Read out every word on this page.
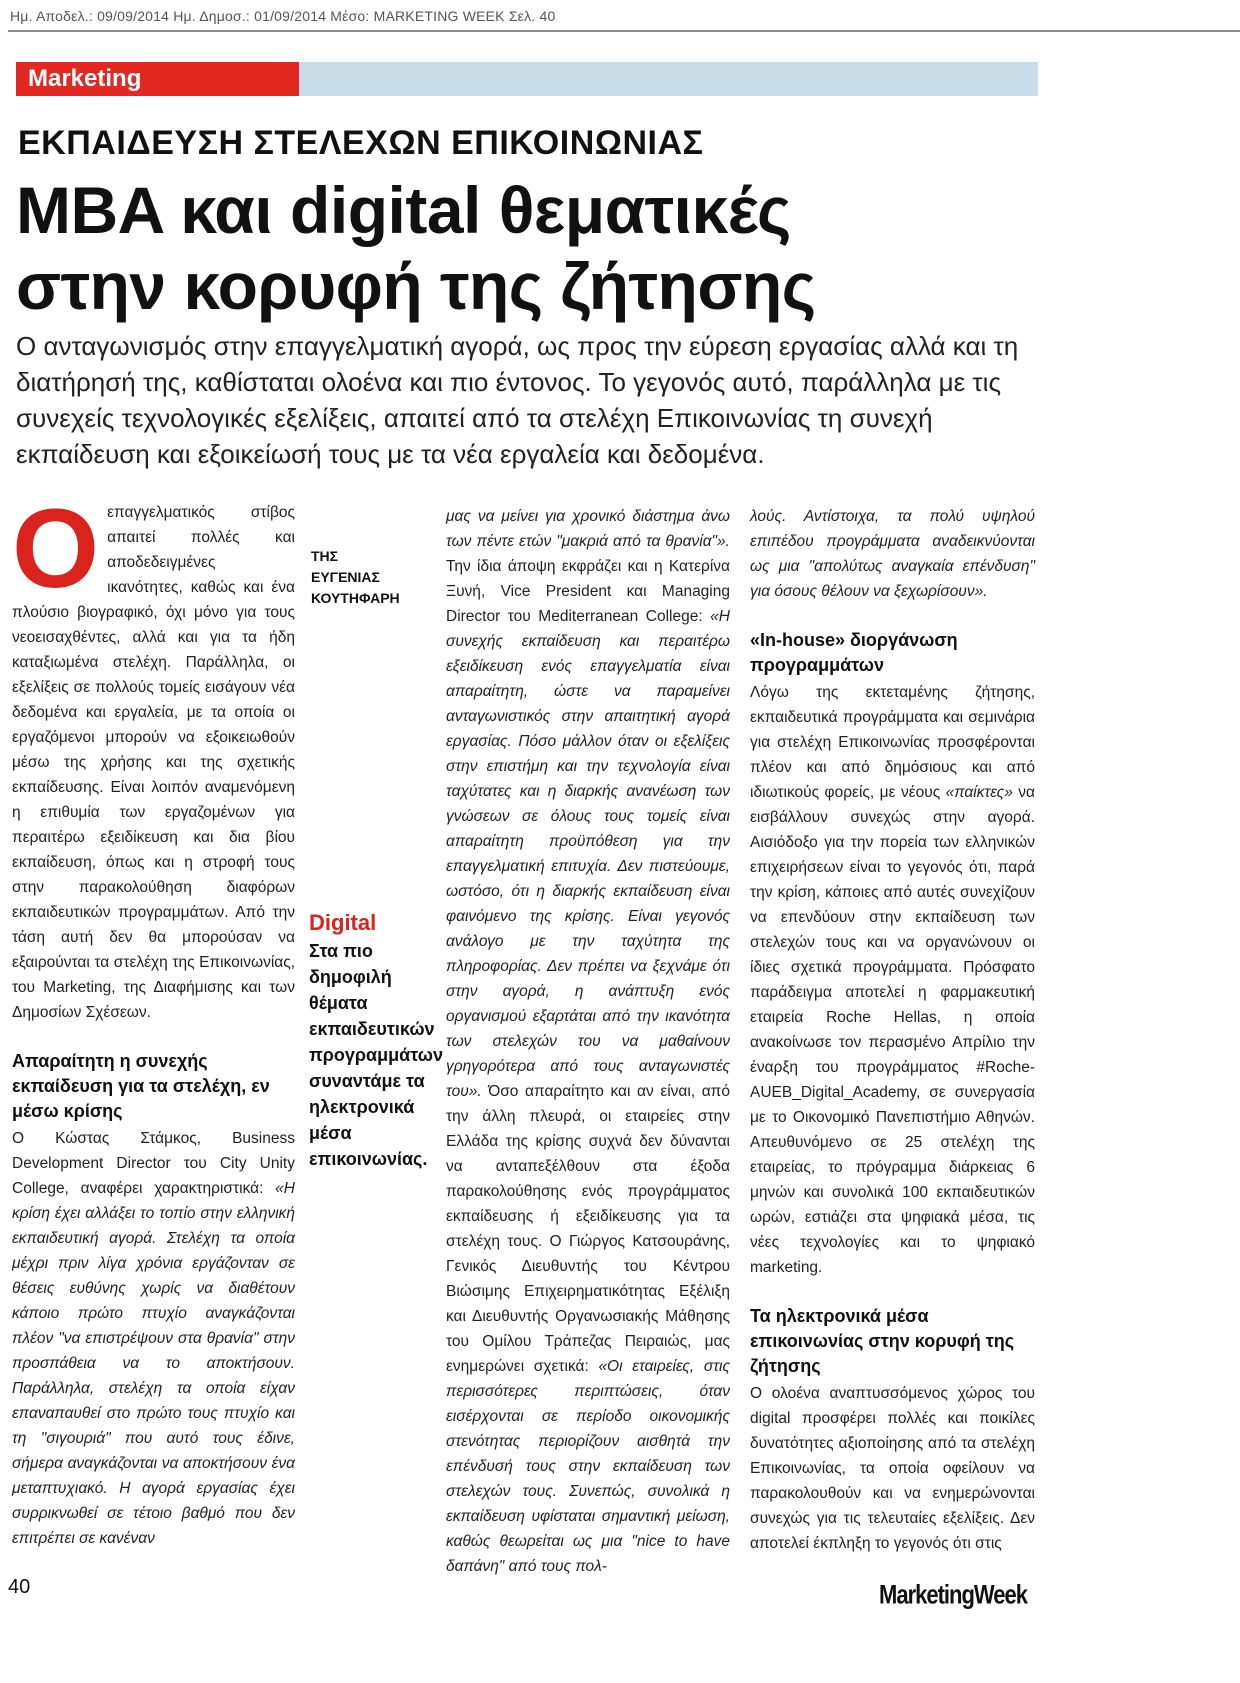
Ημ. Αποδελ.: 09/09/2014 Ημ. Δημοσ.: 01/09/2014 Μέσο: MARKETING WEEK Σελ. 40
Marketing
ΕΚΠΑΙΔΕΥΣΗ ΣΤΕΛΕΧΩΝ ΕΠΙΚΟΙΝΩΝΙΑΣ
MBA και digital θεματικές
στην κορυφή της ζήτησης
Ο ανταγωνισμός στην επαγγελματική αγορά, ως προς την εύρεση εργασίας αλλά και τη διατήρησή της, καθίσταται ολοένα και πιο έντονος. Το γεγονός αυτό, παράλληλα με τις συνεχείς τεχνολογικές εξελίξεις, απαιτεί από τα στελέχη Επικοινωνίας τη συνεχή εκπαίδευση και εξοικείωσή τους με τα νέα εργαλεία και δεδομένα.

Οεπαγγελματικός στίβος απαιτεί πολλές και αποδεδειγμένες ικανότητες, καθώς και ένα πλούσιο βιογραφικό, όχι μόνο για τους νεοεισαχθέντες, αλλά και για τα ήδη καταξιωμένα στελέχη. Παράλληλα, οι εξελίξεις σε πολλούς τομείς εισάγουν νέα δεδομένα και εργαλεία, με τα οποία οι εργαζόμενοι μπορούν να εξοικειωθούν μέσω της χρήσης και της σχετικής εκπαίδευσης. Είναι λοιπόν αναμενόμενη η επιθυμία των εργαζομένων για περαιτέρω εξειδίκευση και δια βίου εκπαίδευση, όπως και η στροφή τους στην παρακολούθηση διαφόρων εκπαιδευτικών προγραμμάτων. Από την τάση αυτή δεν θα μπορούσαν να εξαιρούνται τα στελέχη της Επικοινωνίας, του Marketing, της Διαφήμισης και των Δημοσίων Σχέσεων.

Απαραίτητη η συνεχής εκπαίδευση για τα στελέχη, εν μέσω κρίσης

Ο Κώστας Στάμκος, Business Development Director του City Unity College, αναφέρει χαρακτηριστικά: «Η κρίση έχει αλλάξει το τοπίο στην ελληνική εκπαιδευτική αγορά. Στελέχη τα οποία μέχρι πριν λίγα χρόνια εργάζονταν σε θέσεις ευθύνης χωρίς να διαθέτουν κάποιο πρώτο πτυχίο αναγκάζονται πλέον "να επιστρέψουν στα θρανία" στην προσπάθεια να το αποκτήσουν. Παράλληλα, στελέχη τα οποία είχαν επαναπαυθεί στο πρώτο τους πτυχίο και τη "σιγουριά" που αυτό τους έδινε, σήμερα αναγκάζονται να αποκτήσουν ένα μεταπτυχιακό. Η αγορά εργασίας έχει συρρικνωθεί σε τέτοιο βαθμό που δεν επιτρέπει σε κανέναν

ΤΗΣ
ΕΥΓΕΝΙΑΣ
ΚΟΥΤΗΦΑΡΗ
Digital
Στα πιο δημοφιλή θέματα εκπαιδευτικών προγραμμάτων συναντάμε τα ηλεκτρονικά μέσα επικοινωνίας.

μας να μείνει για χρονικό διάστημα άνω των πέντε ετών "μακριά από τα θρανία"». Την ίδια άποψη εκφράζει και η Κατερίνα Ξυνή, Vice President και Managing Director του Mediterranean College: «Η συνεχής εκπαίδευση και περαιτέρω εξειδίκευση ενός επαγγελματία είναι απαραίτητη, ώστε να παραμείνει ανταγωνιστικός στην απαιτητική αγορά εργασίας. Πόσο μάλλον όταν οι εξελίξεις στην επιστήμη και την τεχνολογία είναι ταχύτατες και η διαρκής ανανέωση των γνώσεων σε όλους τους τομείς είναι απαραίτητη προϋπόθεση για την επαγγελματική επιτυχία. Δεν πιστεύουμε, ωστόσο, ότι η διαρκής εκπαίδευση είναι φαινόμενο της κρίσης. Είναι γεγονός ανάλογο με την ταχύτητα της πληροφορίας. Δεν πρέπει να ξεχνάμε ότι στην αγορά, η ανάπτυξη ενός οργανισμού εξαρτάται από την ικανότητα των στελεχών του να μαθαίνουν γρηγορότερα από τους ανταγωνιστές του». Όσο απαραίτητο και αν είναι, από την άλλη πλευρά, οι εταιρείες στην Ελλάδα της κρίσης συχνά δεν δύνανται να ανταπεξέλθουν στα έξοδα παρακολούθησης ενός προγράμματος εκπαίδευσης ή εξειδίκευσης για τα στελέχη τους. Ο Γιώργος Κατσουράνης, Γενικός Διευθυντής του Κέντρου Βιώσιμης Επιχειρηματικότητας Εξέλιξη και Διευθυντής Οργανωσιακής Μάθησης του Ομίλου Τράπεζας Πειραιώς, μας ενημερώνει σχετικά: «Οι εταιρείες, στις περισσότερες περιπτώσεις, όταν εισέρχονται σε περίοδο οικονομικής στενότητας περιορίζουν αισθητά την επένδυσή τους στην εκπαίδευση των στελεχών τους. Συνεπώς, συνολικά η εκπαίδευση υφίσταται σημαντική μείωση, καθώς θεωρείται ως μια "nice to have δαπάνη" από τους πολ-

λούς. Αντίστοιχα, τα πολύ υψηλού επιπέδου προγράμματα αναδεικνύονται ως μια "απολύτως αναγκαία επένδυση" για όσους θέλουν να ξεχωρίσουν».

«In-house» διοργάνωση προγραμμάτων

Λόγω της εκτεταμένης ζήτησης, εκπαιδευτικά προγράμματα και σεμινάρια για στελέχη Επικοινωνίας προσφέρονται πλέον και από δημόσιους και από ιδιωτικούς φορείς, με νέους «παίκτες» να εισβάλλουν συνεχώς στην αγορά. Αισιόδοξο για την πορεία των ελληνικών επιχειρήσεων είναι το γεγονός ότι, παρά την κρίση, κάποιες από αυτές συνεχίζουν να επενδύουν στην εκπαίδευση των στελεχών τους και να οργανώνουν οι ίδιες σχετικά προγράμματα. Πρόσφατο παράδειγμα αποτελεί η φαρμακευτική εταιρεία Roche Hellas, η οποία ανακοίνωσε τον περασμένο Απρίλιο την έναρξη του προγράμματος #Roche-AUEB_Digital_Academy, σε συνεργασία με το Οικονομικό Πανεπιστήμιο Αθηνών. Απευθυνόμενο σε 25 στελέχη της εταιρείας, το πρόγραμμα διάρκειας 6 μηνών και συνολικά 100 εκπαιδευτικών ωρών, εστιάζει στα ψηφιακά μέσα, τις νέες τεχνολογίες και το ψηφιακό marketing.

Τα ηλεκτρονικά μέσα επικοινωνίας στην κορυφή της ζήτησης

Ο ολοένα αναπτυσσόμενος χώρος του digital προσφέρει πολλές και ποικίλες δυνατότητες αξιοποίησης από τα στελέχη Επικοινωνίας, τα οποία οφείλουν να παρακολουθούν και να ενημερώνονται συνεχώς για τις τελευταίες εξελίξεις. Δεν αποτελεί έκπληξη το γεγονός ότι στις

40	MarketingWeek
